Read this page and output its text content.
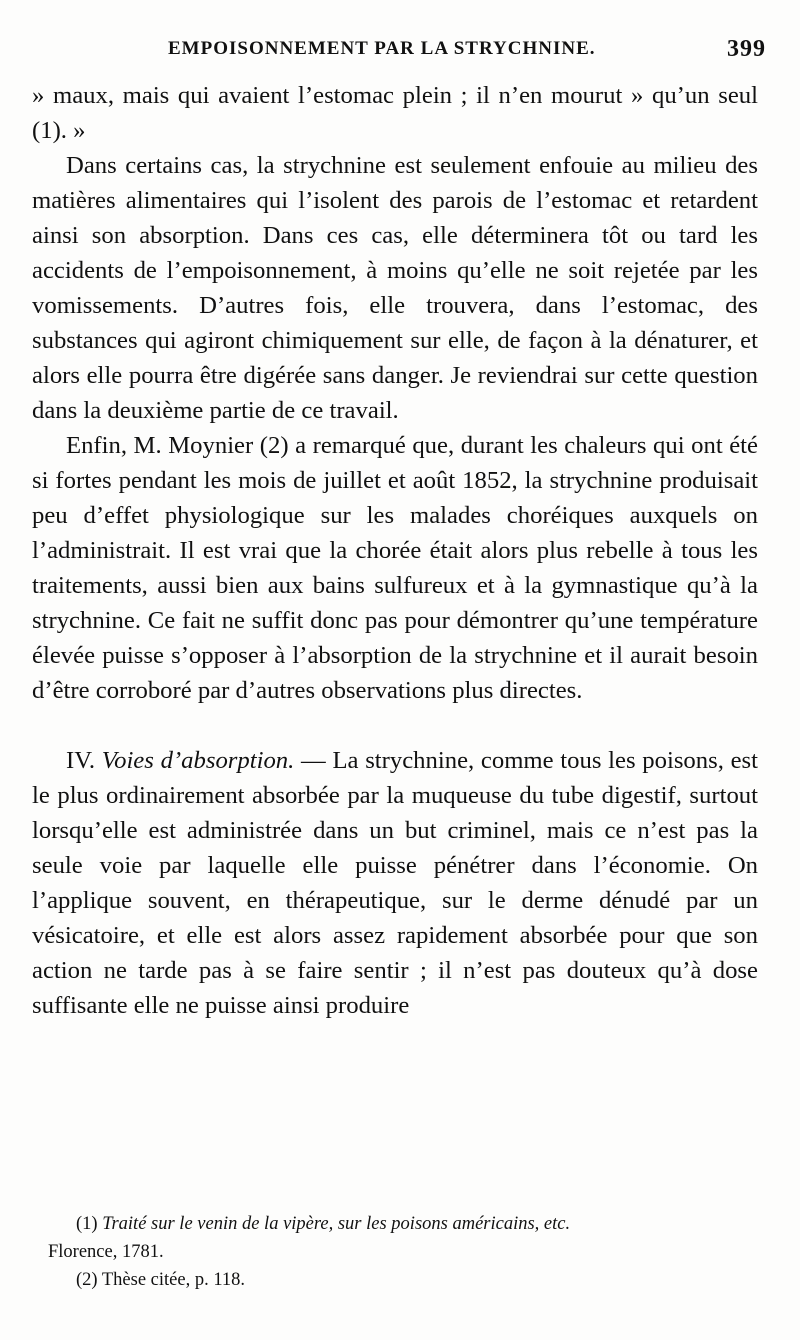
EMPOISONNEMENT PAR LA STRYCHNINE.	399

» maux, mais qui avaient l’estomac plein ; il n’en mourut » qu’un seul (1). »

Dans certains cas, la strychnine est seulement enfouie au milieu des matières alimentaires qui l’isolent des parois de l’estomac et retardent ainsi son absorption. Dans ces cas, elle déterminera tôt ou tard les accidents de l’empoisonnement, à moins qu’elle ne soit rejetée par les vomissements. D’autres fois, elle trouvera, dans l’estomac, des substances qui agiront chimiquement sur elle, de façon à la dénaturer, et alors elle pourra être digérée sans danger. Je reviendrai sur cette question dans la deuxième partie de ce travail.

Enfin, M. Moynier (2) a remarqué que, durant les chaleurs qui ont été si fortes pendant les mois de juillet et août 1852, la strychnine produisait peu d’effet physiologique sur les malades choréiques auxquels on l’administrait. Il est vrai que la chorée était alors plus rebelle à tous les traitements, aussi bien aux bains sulfureux et à la gymnastique qu’à la strychnine. Ce fait ne suffit donc pas pour démontrer qu’une température élevée puisse s’opposer à l’absorption de la strychnine et il aurait besoin d’être corroboré par d’autres observations plus directes.

IV. Voies d’absorption. — La strychnine, comme tous les poisons, est le plus ordinairement absorbée par la muqueuse du tube digestif, surtout lorsqu’elle est administrée dans un but criminel, mais ce n’est pas la seule voie par laquelle elle puisse pénétrer dans l’économie. On l’applique souvent, en thérapeutique, sur le derme dénudé par un vésicatoire, et elle est alors assez rapidement absorbée pour que son action ne tarde pas à se faire sentir ; il n’est pas douteux qu’à dose suffisante elle ne puisse ainsi produire

(1) Traité sur le venin de la vipère, sur les poisons américains, etc.

Florence, 1781.

(2) Thèse citée, p. 118.
